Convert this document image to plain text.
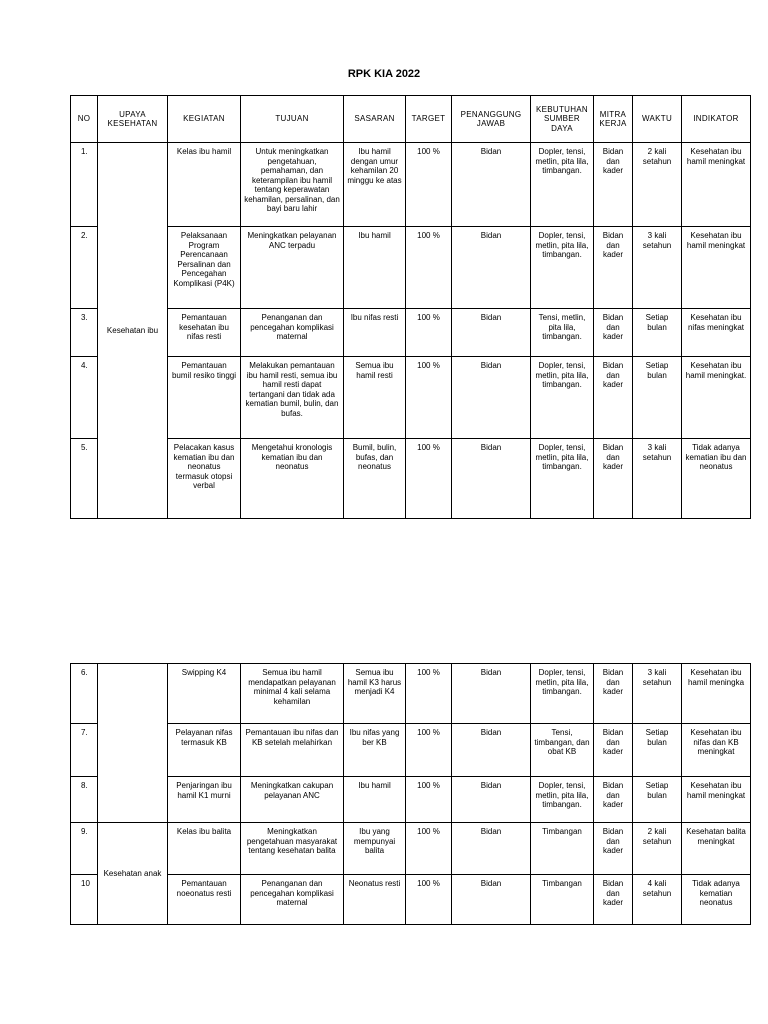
RPK KIA 2022
NO	UPAYA KESEHATAN	KEGIATAN	TUJUAN	SASARAN	TARGET	PENANGGUNG JAWAB	KEBUTUHAN SUMBER DAYA	MITRA KERJA	WAKTU	INDIKATOR
1.	Kesehatan ibu	Kelas ibu hamil	Untuk meningkatkan pengetahuan, pemahaman, dan keterampilan ibu hamil tentang keperawatan kehamilan, persalinan, dan bayi baru lahir	Ibu hamil dengan umur kehamilan 20 minggu ke atas	100 %	Bidan	Dopler, tensi, metlin, pita lila, timbangan.	Bidan dan kader	2 kali setahun	Kesehatan ibu hamil meningkat
2.		Pelaksanaan Program Perencanaan Persalinan dan Pencegahan Komplikasi (P4K)	Meningkatkan pelayanan ANC terpadu	Ibu hamil	100 %	Bidan	Dopler, tensi, metlin, pita lila, timbangan.	Bidan dan kader	3 kali setahun	Kesehatan ibu hamil meningkat
3.		Pemantauan kesehatan ibu nifas resti	Penanganan dan pencegahan komplikasi maternal	Ibu nifas resti	100 %	Bidan	Tensi, metlin, pita lila, timbangan.	Bidan dan kader	Setiap bulan	Kesehatan ibu nifas meningkat
4.		Pemantauan bumil resiko tinggi	Melakukan pemantauan ibu hamil resti, semua ibu hamil resti dapat tertangani dan tidak ada kematian bumil, bulin, dan bufas.	Semua ibu hamil resti	100 %	Bidan	Dopler, tensi, metlin, pita lila, timbangan.	Bidan dan kader	Setiap bulan	Kesehatan ibu hamil meningkat.
5.		Pelacakan kasus kematian ibu dan neonatus termasuk otopsi verbal	Mengetahui kronologis kematian ibu dan neonatus	Bumil, bulin, bufas, dan neonatus	100 %	Bidan	Dopler, tensi, metlin, pita lila, timbangan.	Bidan dan kader	3 kali setahun	Tidak adanya kematian ibu dan neonatus
6.		Swipping K4	Semua ibu hamil mendapatkan pelayanan minimal 4 kali selama kehamilan	Semua ibu hamil K3 harus menjadi K4	100 %	Bidan	Dopler, tensi, metlin, pita lila, timbangan.	Bidan dan kader	3 kali setahun	Kesehatan ibu hamil meningka
7.		Pelayanan nifas termasuk KB	Pemantauan ibu nifas dan KB setelah melahirkan	Ibu nifas yang ber KB	100 %	Bidan	Tensi, timbangan, dan obat KB	Bidan dan kader	Setiap bulan	Kesehatan ibu nifas dan KB meningkat
8.		Penjaringan ibu hamil K1 murni	Meningkatkan cakupan pelayanan ANC	Ibu hamil	100 %	Bidan	Dopler, tensi, metlin, pita lila, timbangan.	Bidan dan kader	Setiap bulan	Kesehatan ibu hamil meningkat
9.	Kesehatan anak	Kelas ibu balita	Meningkatkan pengetahuan masyarakat tentang kesehatan balita	Ibu yang mempunyai balita	100 %	Bidan	Timbangan	Bidan dan kader	2 kali setahun	Kesehatan balita meningkat
10		Pemantauan noeonatus resti	Penanganan dan pencegahan komplikasi maternal	Neonatus resti	100 %	Bidan	Timbangan	Bidan dan kader	4 kali setahun	Tidak adanya kematian neonatus
